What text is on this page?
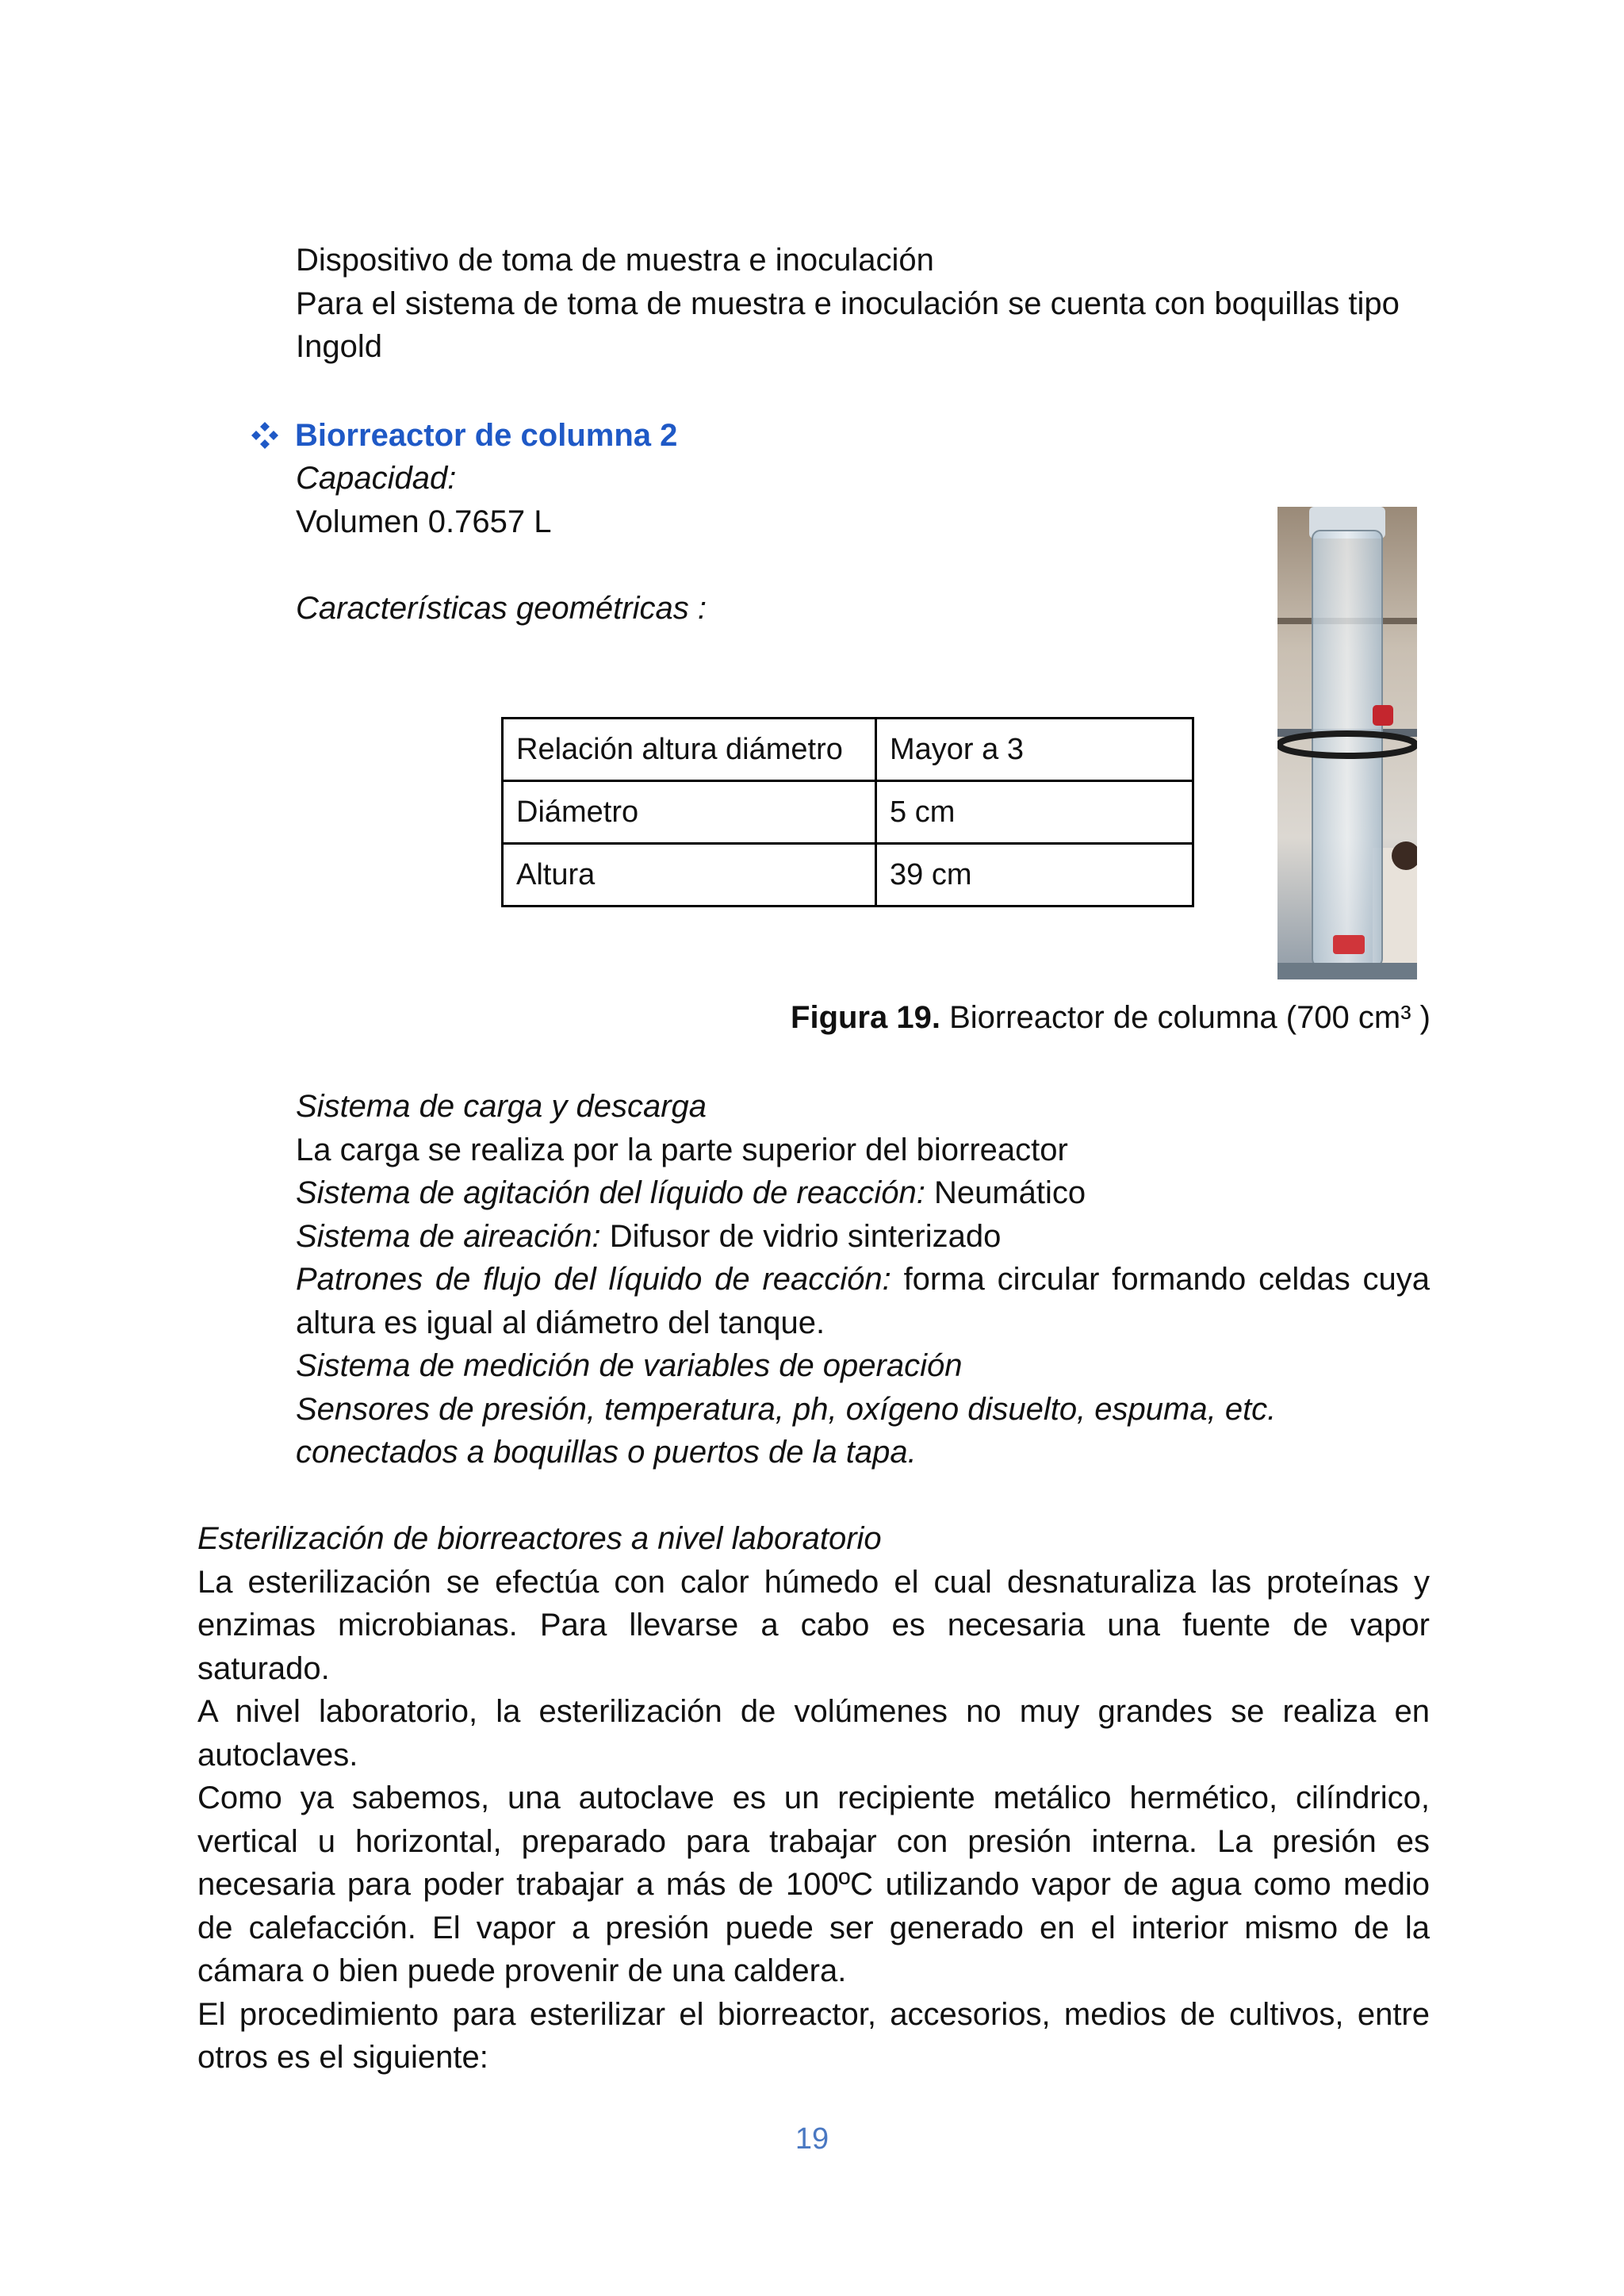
Dispositivo de toma de muestra e inoculación
Para el sistema de toma de muestra e inoculación se cuenta con boquillas tipo
Ingold
Biorreactor de columna 2
Capacidad:
Volumen 0.7657 L

Características geométricas :
Relación altura diámetro	Mayor a 3
Diámetro	5 cm
Altura	39 cm
Figura 19. Biorreactor de columna (700 cm³ )
Sistema de carga y descarga
La carga se realiza por la parte superior del biorreactor
Sistema de agitación del líquido de reacción: Neumático
Sistema de aireación: Difusor de vidrio sinterizado
Patrones de flujo del líquido de reacción: forma circular formando celdas cuya
altura es igual al diámetro del tanque.
Sistema de medición de variables de operación
Sensores de presión, temperatura, ph, oxígeno disuelto, espuma, etc.
conectados a boquillas o puertos de la tapa.
Esterilización de biorreactores a nivel laboratorio
La esterilización se efectúa con calor húmedo el cual desnaturaliza las proteínas y
enzimas microbianas. Para llevarse a cabo es necesaria una fuente de vapor
saturado.
A nivel laboratorio, la esterilización de volúmenes no muy grandes se realiza en
autoclaves.
Como ya sabemos, una autoclave es un recipiente metálico hermético, cilíndrico,
vertical u horizontal, preparado para trabajar con presión interna. La presión es
necesaria para poder trabajar a más de 100ºC utilizando vapor de agua como medio
de calefacción. El vapor a presión puede ser generado en el interior mismo de la
cámara o bien puede provenir de una caldera.
El procedimiento para esterilizar el biorreactor, accesorios, medios de cultivos, entre
otros es el siguiente:
19
